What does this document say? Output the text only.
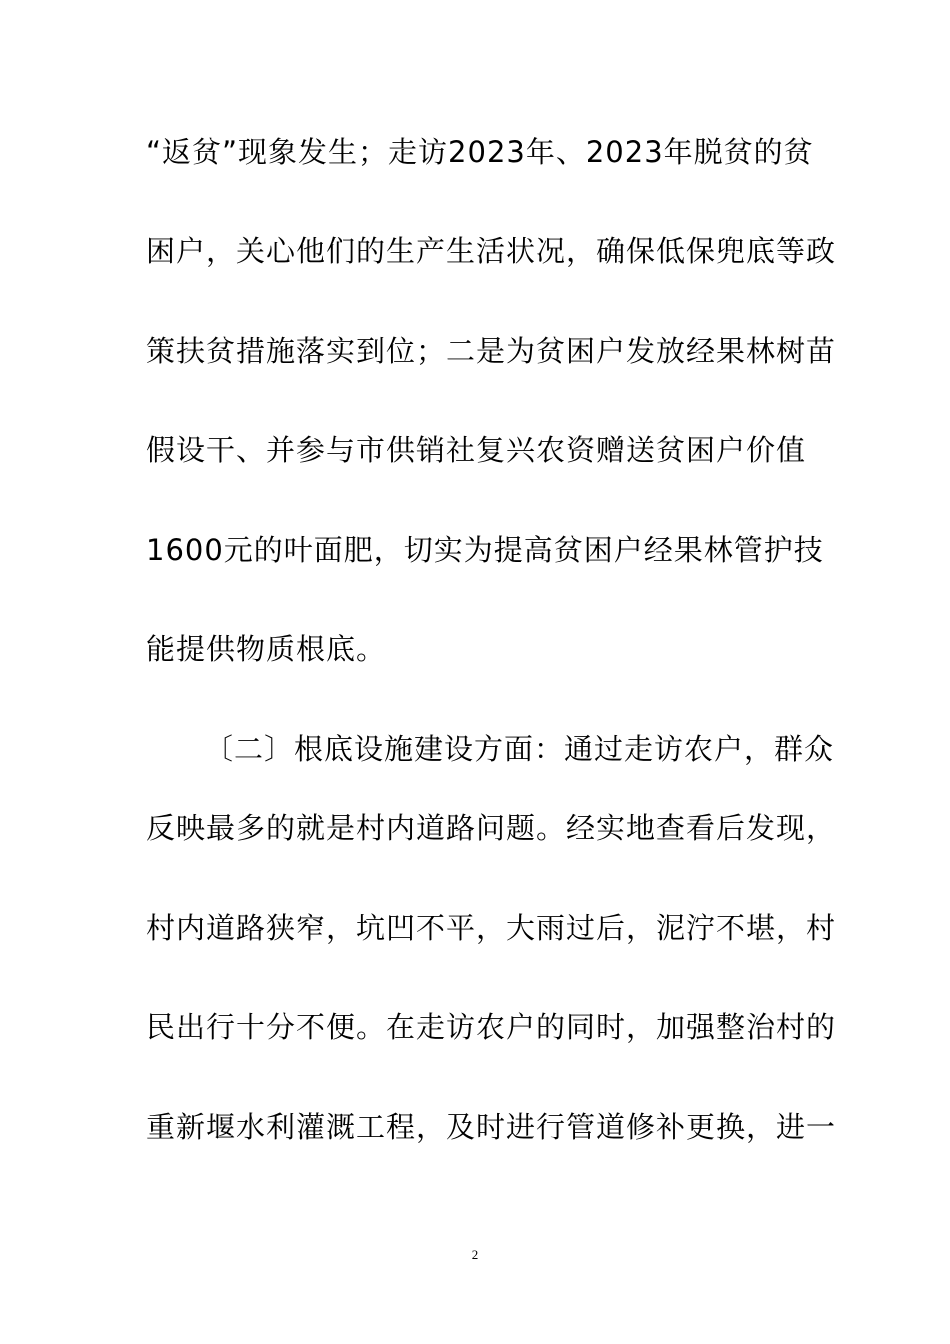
“返贫”现象发生；走访2023年、2023年脱贫的贫
困户，关心他们的生产生活状况，确保低保兜底等政
策扶贫措施落实到位；二是为贫困户发放经果林树苗
假设干、并参与市供销社复兴农资赠送贫困户价值
1600元的叶面肥，切实为提高贫困户经果林管护技
能提供物质根底。
〔二〕根底设施建设方面：通过走访农户，群众
反映最多的就是村内道路问题。经实地查看后发现，
村内道路狭窄，坑凹不平，大雨过后，泥泞不堪，村
民出行十分不便。在走访农户的同时，加强整治村的
重新堰水利灌溉工程，及时进行管道修补更换，进一
2
